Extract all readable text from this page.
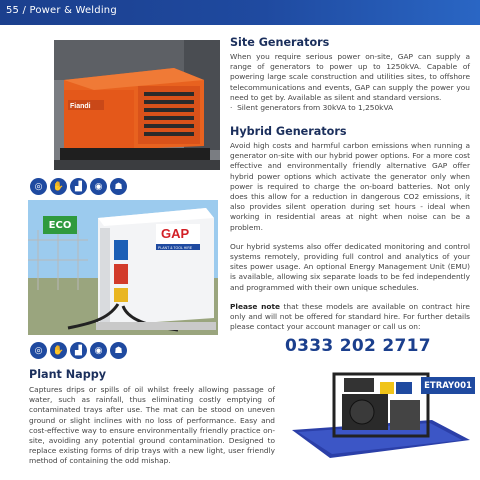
55 / Power & Welding
Fiandi
◎	✋	▟	◉	☗
GAP
PLANT & TOOL HIRE
ECO
◎	✋	▟	◉	☗
Site Generators

When you require serious power on-site, GAP can supply a range of generators to power up to 1250kVA. Capable of powering large scale construction and utilities sites, to offshore telecommunications and events, GAP can supply the power you need to get by. Available as silent and standard versions.

·  Silent generators from 30kVA to 1,250kVA

Hybrid Generators

Avoid high costs and harmful carbon emissions when running a generator on-site with our hybrid power options. For a more cost effective and environmentally friendly alternative GAP offer hybrid power options which activate the generator only when power is required to charge the on-board batteries. Not only does this allow for a reduction in dangerous CO2 emissions, it also provides silent operation during set hours - ideal when working in residential areas at night when noise can be a problem.

Our hybrid systems also offer dedicated monitoring and control systems remotely, providing full control and analytics of your sites power usage. An optional Energy Management Unit (EMU) is available, allowing six separate loads to be fed independently and programmed with their own unique schedules.

Please note that these models are available on contract hire only and will not be offered for standard hire. For further details please contact your account manager or call us on:

0333 202 2717
ETRAY001
Plant Nappy

Captures drips or spills of oil whilst freely allowing passage of water, such as rainfall, thus eliminating costly emptying of contaminated trays after use. The mat can be stood on uneven ground or slight inclines with no loss of performance. Easy and cost-effective way to ensure environmentally friendly practice on-site, avoiding any potential ground contamination. Designed to replace existing forms of drip trays with a new light, user friendly method of containing the odd mishap.
